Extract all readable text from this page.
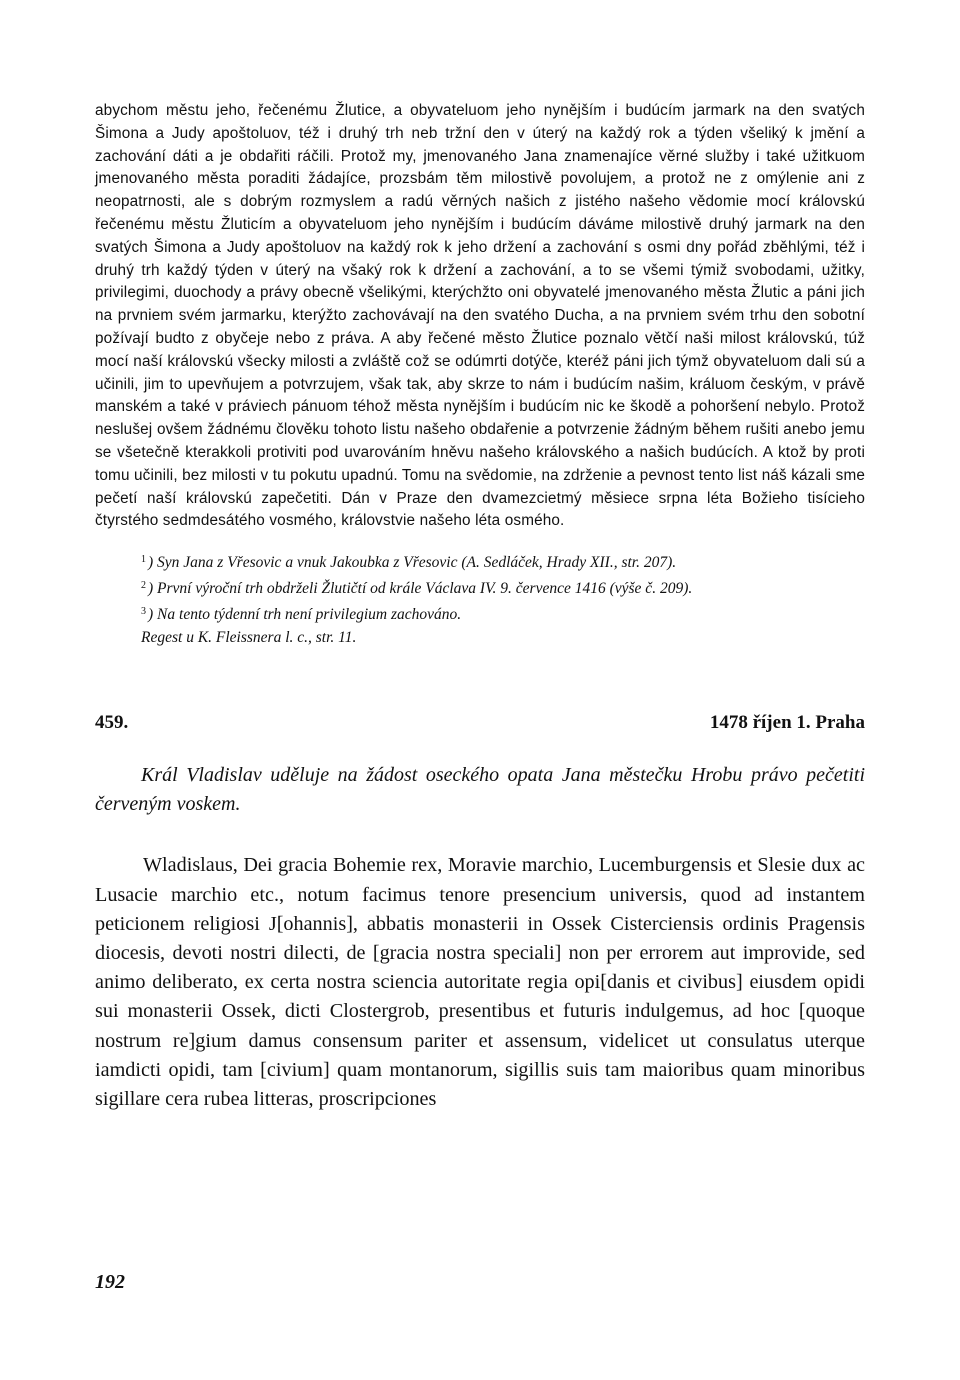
abychom městu jeho, řečenému Žlutice, a obyvateluom jeho nynějším i budúcím jarmark na den svatých Šimona a Judy apoštoluov, též i druhý trh neb tržní den v úterý na každý rok a týden všeliký k jmění a zachování dáti a je obdařiti ráčili. Protož my, jmenovaného Jana znamenajíce věrné služby i také užitkuom jmenovaného města poraditi žádajíce, prozsbám těm milostivě povolujem, a protož ne z omýlenie ani z neopatrnosti, ale s dobrým rozmyslem a radú věrných našich z jistého našeho vědomie mocí královskú řečenému městu Žluticím a obyvateluom jeho nynějším i budúcím dáváme milostivě druhý jarmark na den svatých Šimona a Judy apoštoluov na každý rok k jeho držení a zachování s osmi dny pořád zběhlými, též i druhý trh každý týden v úterý na všaký rok k držení a zachování, a to se všemi týmiž svobodami, užitky, privilegimi, duochody a právy obecně všelikými, kterýchžto oni obyvatelé jmenovaného města Žlutic a páni jich na prvniem svém jarmarku, kterýžto zachovávají na den svatého Ducha, a na prvniem svém trhu den sobotní požívají budto z obyčeje nebo z práva. A aby řečené město Žlutice poznalo větčí naši milost královskú, túž mocí naší královskú všecky milosti a zvláště což se odúmrti dotýče, kteréž páni jich týmž obyvateluom dali sú a učinili, jim to upevňujem a potvrzujem, však tak, aby skrze to nám i budúcím našim, králuom českým, v právě manském a také v práviech pánuom téhož města nynějším i budúcím nic ke škodě a pohoršení nebylo. Protož neslušej ovšem žádnému člověku tohoto listu našeho obdařenie a potvrzenie žádným během rušiti anebo jemu se všetečně kterakkoli protiviti pod uvarováním hněvu našeho královského a našich budúcích. A ktož by proti tomu učinili, bez milosti v tu pokutu upadnú. Tomu na svědomie, na zdrženie a pevnost tento list náš kázali sme pečetí naší královskú zapečetiti. Dán v Praze den dvamezcietmý měsiece srpna léta Božieho tisícieho čtyrstého sedmdesátého vosmého, královstvie našeho léta osmého.

$^1$ ) Syn Jana z Vřesovic a vnuk Jakoubka z Vřesovic (A. Sedláček, Hrady XII., str. 207).

$^2$ ) První výroční trh obdrželi Žlutičtí od krále Václava IV. 9. července 1416 (výše č. 209).

$^3$ ) Na tento týdenní trh není privilegium zachováno.

Regest u K. Fleissnera l. c., str. 11.

459.	1478 říjen 1. Praha

Král Vladislav uděluje na žádost oseckého opata Jana městečku Hrobu právo pečetiti červeným voskem.

Wladislaus, Dei gracia Bohemie rex, Moravie marchio, Lucemburgensis et Slesie dux ac Lusacie marchio etc., notum facimus tenore presencium universis, quod ad instantem peticionem religiosi J[ohannis], abbatis monasterii in Ossek Cisterciensis ordinis Pragensis diocesis, devoti nostri dilecti, de [gracia nostra speciali] non per errorem aut improvide, sed animo deliberato, ex certa nostra sciencia autoritate regia opi[danis et civibus] eiusdem opidi sui monasterii Ossek, dicti Clostergrob, presentibus et futuris indulgemus, ad hoc [quoque nostrum re]gium damus consensum pariter et assensum, videlicet ut consulatus uterque iamdicti opidi, tam [civium] quam montanorum, sigillis suis tam maioribus quam minoribus sigillare cera rubea litteras, proscripciones

192
